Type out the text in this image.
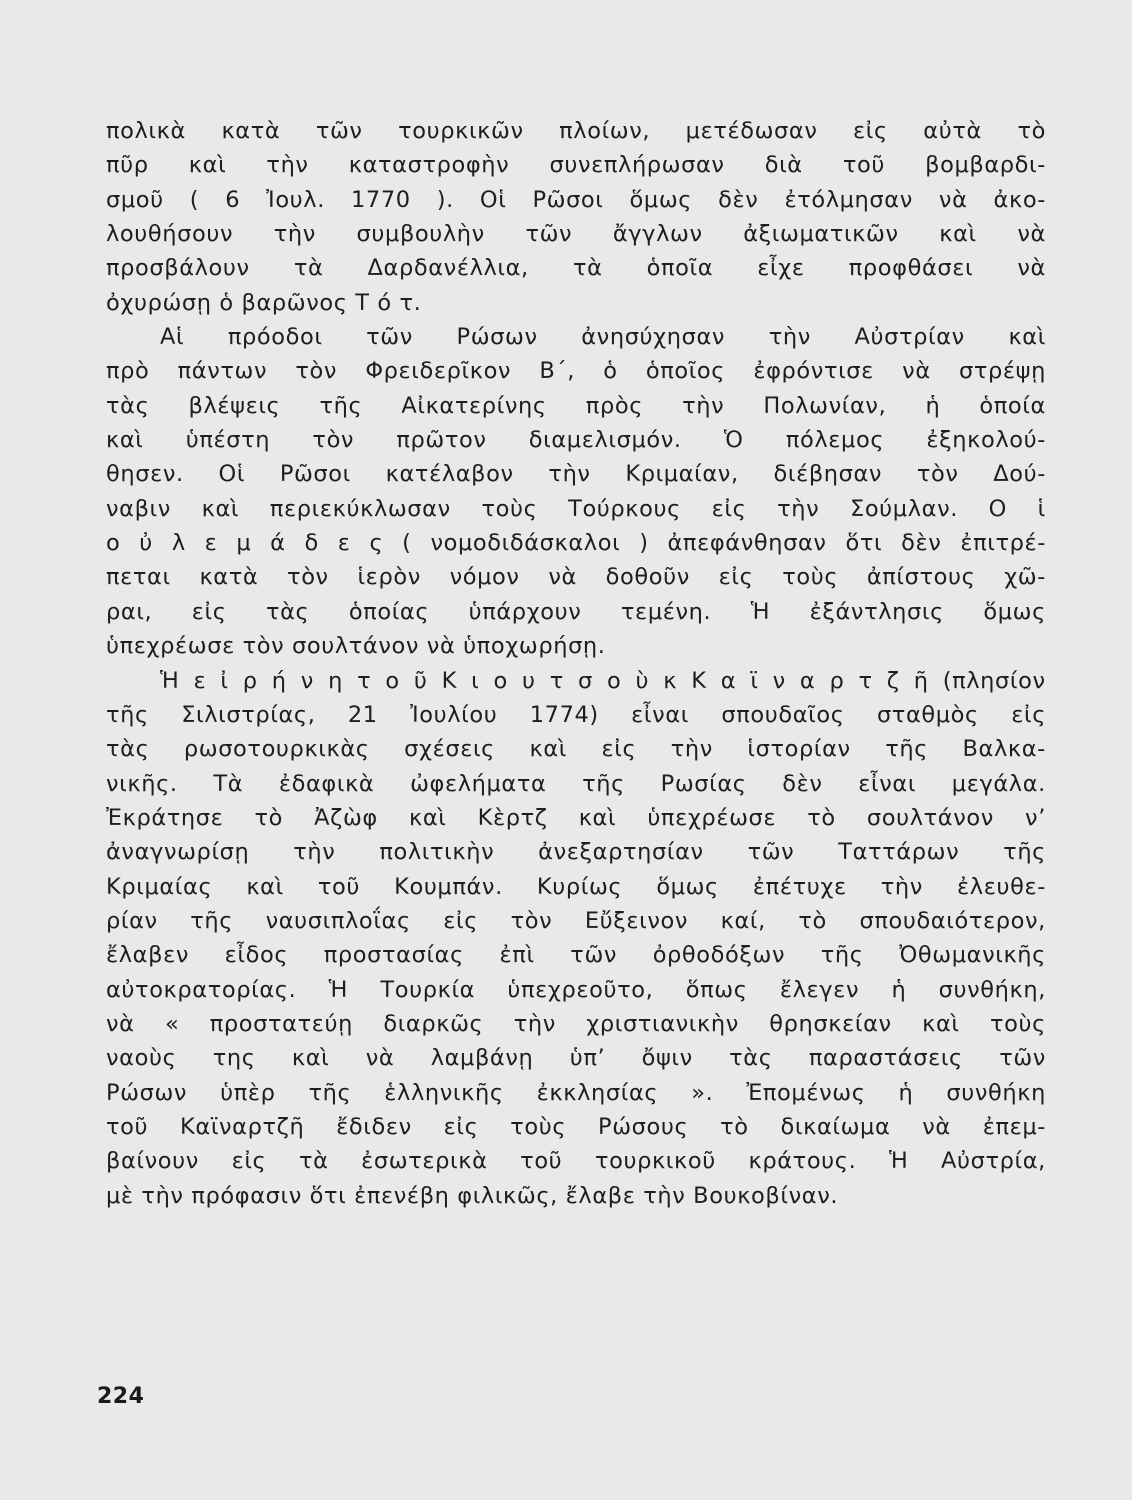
πολικὰ κατὰ τῶν τουρκικῶν πλοίων, μετέδωσαν εἰς αὐτὰ τὸ
πῦρ καὶ τὴν καταστροφὴν συνεπλήρωσαν διὰ τοῦ βομβαρδι-
σμοῦ ( 6 Ἰουλ. 1770 ). Οἱ Ρῶσοι ὅμως δὲν ἐτόλμησαν νὰ ἀκο-
λουθήσουν τὴν συμβουλὴν τῶν ἄγγλων ἀξιωματικῶν καὶ νὰ
προσβάλουν τὰ Δαρδανέλλια, τὰ ὁποῖα εἶχε προφθάσει νὰ
ὀχυρώσῃ ὁ βαρῶνος Τ ό τ.
Αἱ πρόοδοι τῶν Ρώσων ἀνησύχησαν τὴν Αὐστρίαν καὶ
πρὸ πάντων τὸν Φρειδερῖκον Β΄, ὁ ὁποῖος ἐφρόντισε νὰ στρέψῃ
τὰς βλέψεις τῆς Αἰκατερίνης πρὸς τὴν Πολωνίαν, ἡ ὁποία
καὶ ὑπέστη τὸν πρῶτον διαμελισμόν. Ὁ πόλεμος ἐξηκολού-
θησεν. Οἱ Ρῶσοι κατέλαβον τὴν Κριμαίαν, διέβησαν τὸν Δού-
ναβιν καὶ περιεκύκλωσαν τοὺς Τούρκους εἰς τὴν Σούμλαν. Ο ἱ
ο ὐ λ ε μ ά δ ε ς ( νομοδιδάσκαλοι ) ἀπεφάνθησαν ὅτι δὲν ἐπιτρέ-
πεται κατὰ τὸν ἱερὸν νόμον νὰ δοθοῦν εἰς τοὺς ἀπίστους χῶ-
ραι, εἰς τὰς ὁποίας ὑπάρχουν τεμένη. Ἡ ἐξάντλησις ὅμως
ὑπεχρέωσε τὸν σουλτάνον νὰ ὑποχωρήσῃ.
Ἡ ε ἰ ρ ή ν η τ ο ῦ Κ ι ο υ τ σ ο ὺ κ Κ α ϊ ν α ρ τ ζ ῆ (πλησίον
τῆς Σιλιστρίας, 21 Ἰουλίου 1774) εἶναι σπουδαῖος σταθμὸς εἰς
τὰς ρωσοτουρκικὰς σχέσεις καὶ εἰς τὴν ἱστορίαν τῆς Βαλκα-
νικῆς. Τὰ ἐδαφικὰ ὠφελήματα τῆς Ρωσίας δὲν εἶναι μεγάλα.
Ἐκράτησε τὸ Ἀζὼφ καὶ Κὲρτζ καὶ ὑπεχρέωσε τὸ σουλτάνον ν’
ἀναγνωρίσῃ τὴν πολιτικὴν ἀνεξαρτησίαν τῶν Ταττάρων τῆς
Κριμαίας καὶ τοῦ Κουμπάν. Κυρίως ὅμως ἐπέτυχε τὴν ἐλευθε-
ρίαν τῆς ναυσιπλοΐας εἰς τὸν Εὔξεινον καί, τὸ σπουδαιότερον,
ἔλαβεν εἶδος προστασίας ἐπὶ τῶν ὀρθοδόξων τῆς Ὀθωμανικῆς
αὐτοκρατορίας. Ἡ Τουρκία ὑπεχρεοῦτο, ὅπως ἔλεγεν ἡ συνθήκη,
νὰ « προστατεύῃ διαρκῶς τὴν χριστιανικὴν θρησκείαν καὶ τοὺς
ναοὺς της καὶ νὰ λαμβάνῃ ὑπ’ ὄψιν τὰς παραστάσεις τῶν
Ρώσων ὑπὲρ τῆς ἑλληνικῆς ἐκκλησίας ». Ἐπομένως ἡ συνθήκη
τοῦ Καϊναρτζῆ ἔδιδεν εἰς τοὺς Ρώσους τὸ δικαίωμα νὰ ἐπεμ-
βαίνουν εἰς τὰ ἐσωτερικὰ τοῦ τουρκικοῦ κράτους. Ἡ Αὐστρία,
μὲ τὴν πρόφασιν ὅτι ἐπενέβη φιλικῶς, ἔλαβε τὴν Βουκοβίναν.
224
